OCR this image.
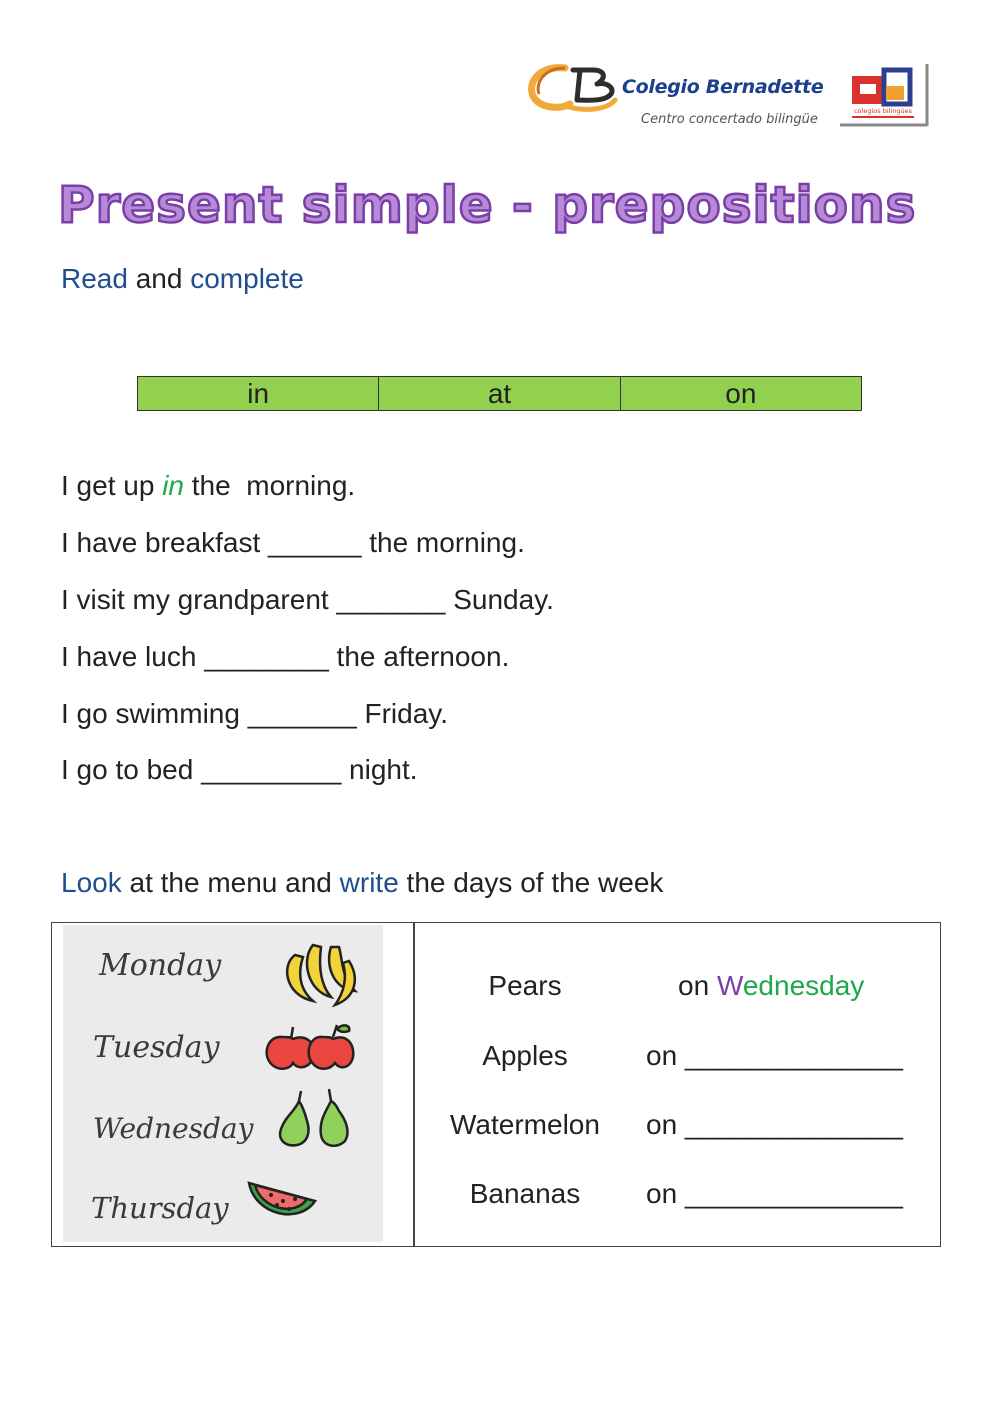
Colegio Bernadette
Centro concertado bilingüe
colegios bilingües
Present simple - prepositions
Read and complete
in	at	on
I get up in the  morning.
I have breakfast ______ the morning.
I visit my grandparent _______ Sunday.
I have luch ________ the afternoon.
I go swimming _______ Friday.
I go to bed _________ night.
Look at the menu and write the days of the week
Monday
Tuesday
Wednesday
Thursday
Pears	on Wednesday
Apples	on ______________
Watermelon	on ______________
Bananas	on ______________
